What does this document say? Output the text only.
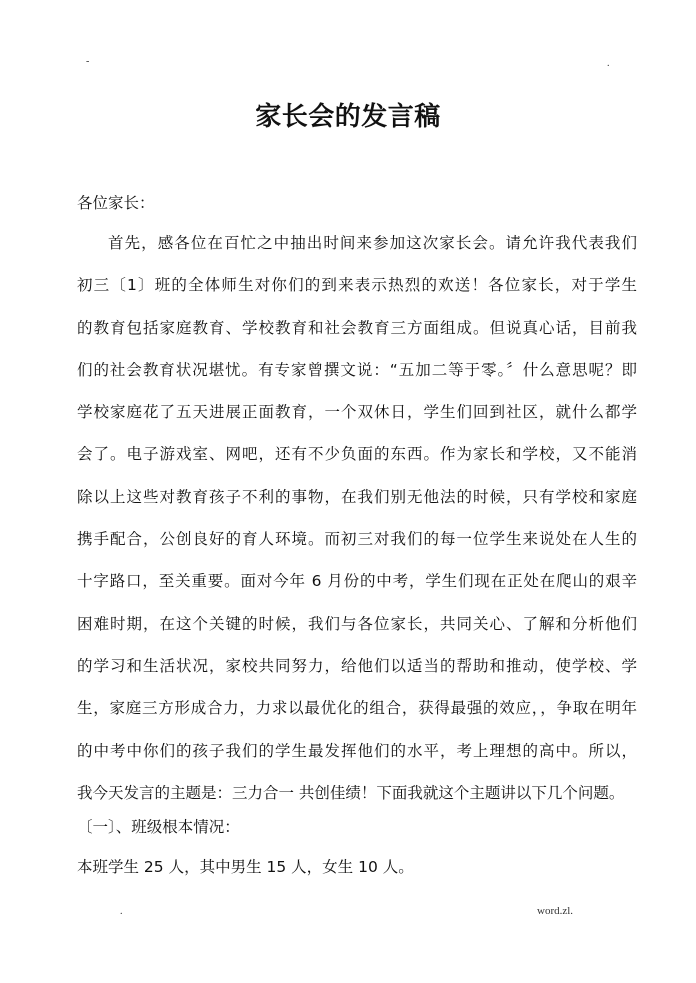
-	.
家长会的发言稿
各位家长：
首先，感各位在百忙之中抽出时间来参加这次家长会。请允许我代表我们
初三〔1〕班的全体师生对你们的到来表示热烈的欢送！各位家长，对于学生
的教育包括家庭教育、学校教育和社会教育三方面组成。但说真心话，目前我
们的社会教育状况堪忧。有专家曾撰文说：“五加二等于零。〞什么意思呢？即
学校家庭花了五天进展正面教育，一个双休日，学生们回到社区，就什么都学
会了。电子游戏室、网吧，还有不少负面的东西。作为家长和学校，又不能消
除以上这些对教育孩子不利的事物，在我们别无他法的时候，只有学校和家庭
携手配合，公创良好的育人环境。而初三对我们的每一位学生来说处在人生的
十字路口，至关重要。面对今年 6 月份的中考，学生们现在正处在爬山的艰辛
困难时期，在这个关键的时候，我们与各位家长，共同关心、了解和分析他们
的学习和生活状况，家校共同努力，给他们以适当的帮助和推动，使学校、学
生，家庭三方形成合力，力求以最优化的组合，获得最强的效应，，争取在明年
的中考中你们的孩子我们的学生最发挥他们的水平，考上理想的高中。所以，
我今天发言的主题是：三力合一 共创佳绩！下面我就这个主题讲以下几个问题。
〔一〕、班级根本情况：
本班学生 25 人，其中男生 15 人，女生 10 人。
.	word.zl.
